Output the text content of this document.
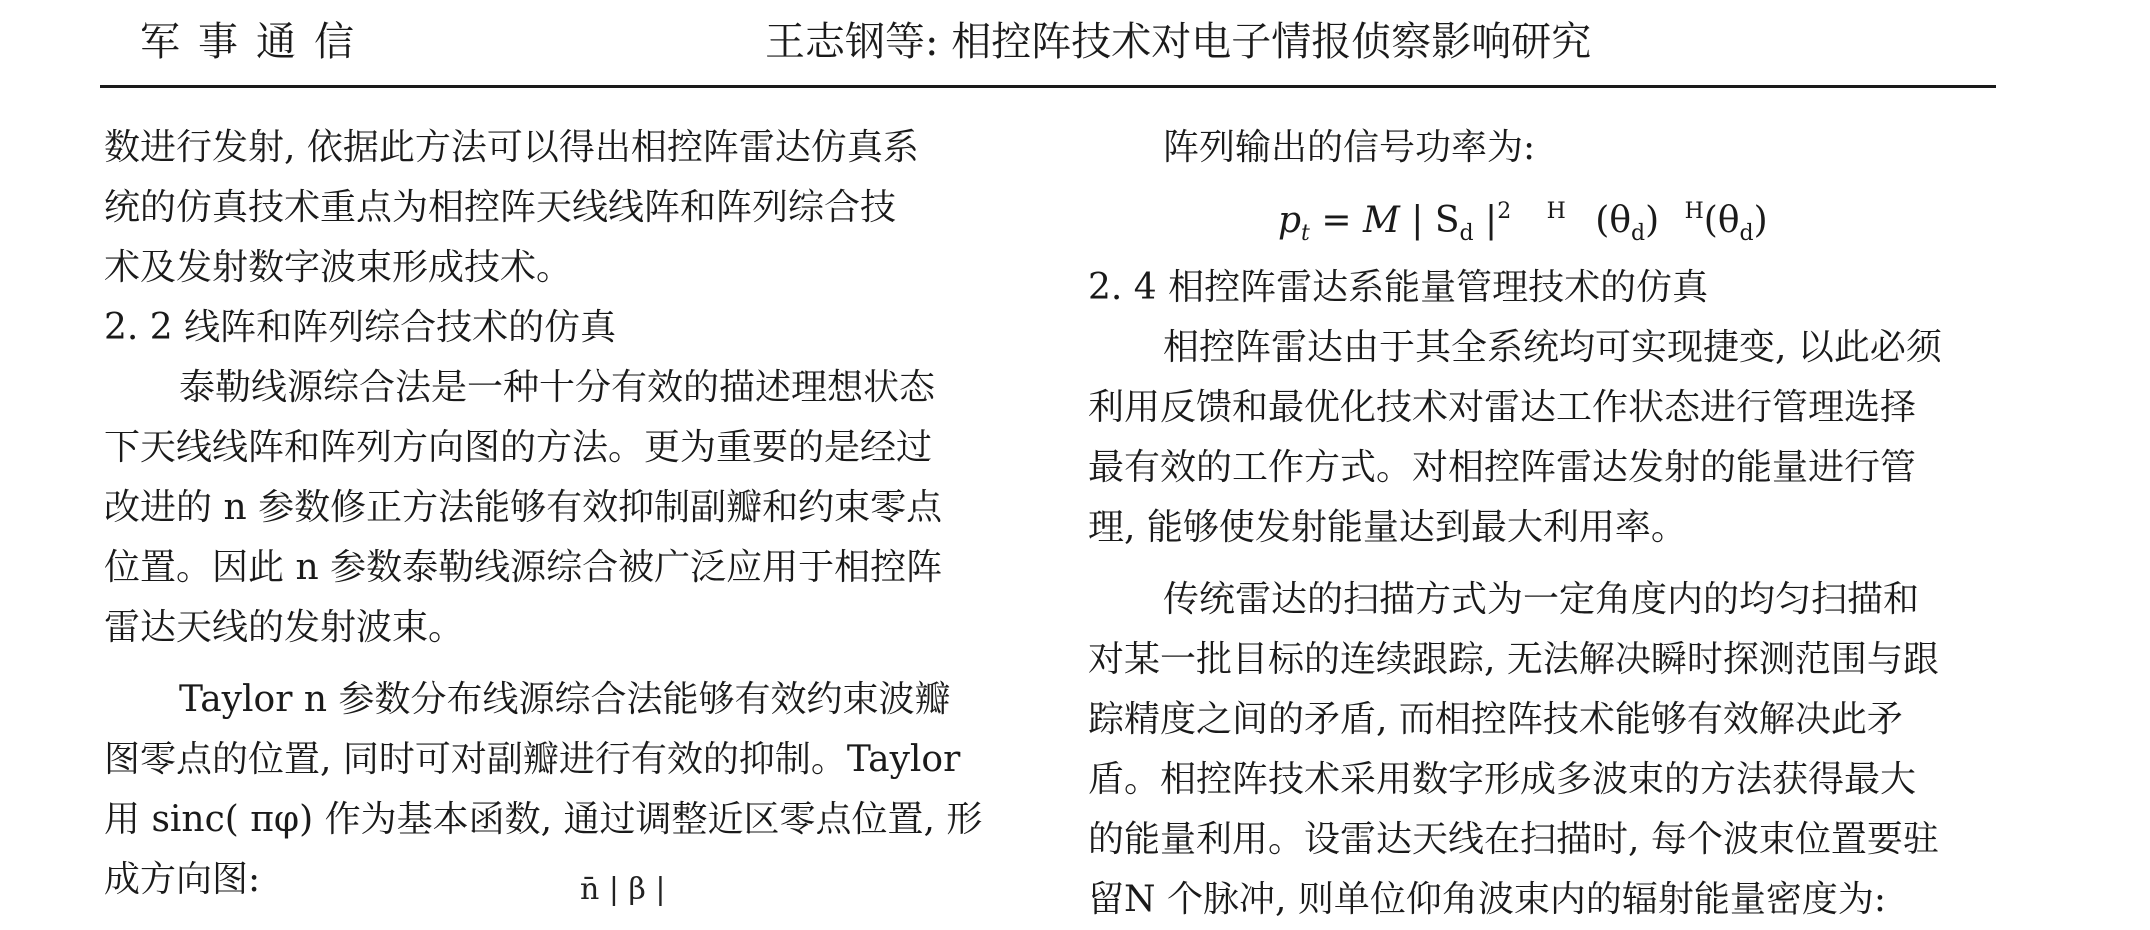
军事通信	王志钢等: 相控阵技术对电子情报侦察影响研究
数进行发射, 依据此方法可以得出相控阵雷达仿真系
统的仿真技术重点为相控阵天线线阵和阵列综合技
术及发射数字波束形成技术。
2. 2 线阵和阵列综合技术的仿真
泰勒线源综合法是一种十分有效的描述理想状态
下天线线阵和阵列方向图的方法。更为重要的是经过
改进的 n 参数修正方法能够有效抑制副瓣和约束零点
位置。因此 n 参数泰勒线源综合被广泛应用于相控阵
雷达天线的发射波束。
Taylor n 参数分布线源综合法能够有效约束波瓣
图零点的位置, 同时可对副瓣进行有效的抑制。Taylor
用 sinc( πφ) 作为基本函数, 通过调整近区零点位置, 形
成方向图:	n̄ | β |
阵列输出的信号功率为:
$p_t = M$ | $S_d$ $|^2$ $^H$ $(\theta_d)$ $^H(\theta_d)$
2. 4 相控阵雷达系能量管理技术的仿真
相控阵雷达由于其全系统均可实现捷变, 以此必须
利用反馈和最优化技术对雷达工作状态进行管理选择
最有效的工作方式。对相控阵雷达发射的能量进行管
理, 能够使发射能量达到最大利用率。
传统雷达的扫描方式为一定角度内的均匀扫描和
对某一批目标的连续跟踪, 无法解决瞬时探测范围与跟
踪精度之间的矛盾, 而相控阵技术能够有效解决此矛
盾。相控阵技术采用数字形成多波束的方法获得最大
的能量利用。设雷达天线在扫描时, 每个波束位置要驻
留N 个脉冲, 则单位仰角波束内的辐射能量密度为:
